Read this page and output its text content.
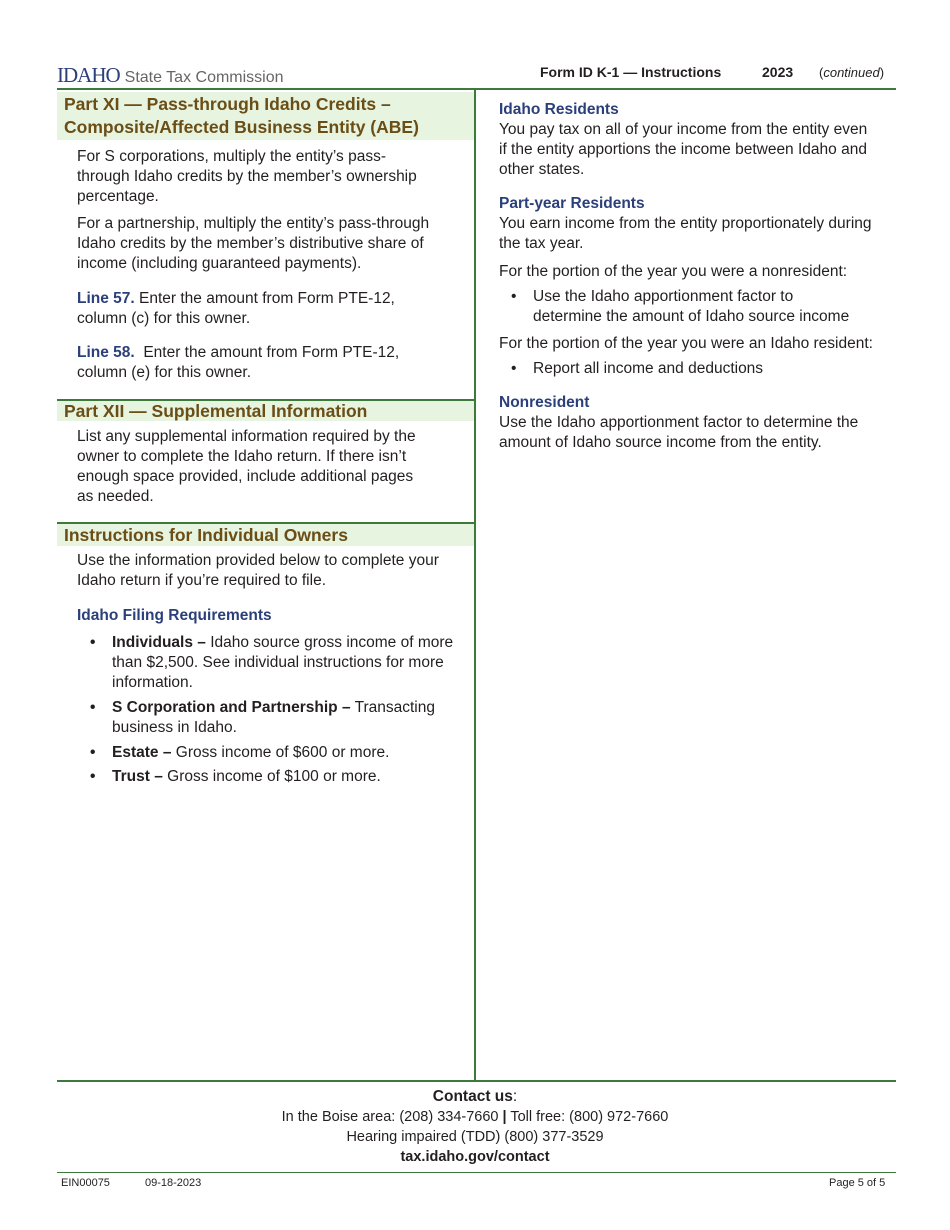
IDAHO State Tax Commission	Form ID K-1 — Instructions	2023 (continued)
Part XI — Pass-through Idaho Credits –
Composite/Affected Business Entity (ABE)
For S corporations, multiply the entity’s pass-
through Idaho credits by the member’s ownership
percentage.
For a partnership, multiply the entity’s pass-through
Idaho credits by the member’s distributive share of
income (including guaranteed payments).
Line 57. Enter the amount from Form PTE-12,
column (c) for this owner.
Line 58.  Enter the amount from Form PTE-12,
column (e) for this owner.
Part XII — Supplemental Information
List any supplemental information required by the
owner to complete the Idaho return. If there isn’t
enough space provided, include additional pages
as needed.
Instructions for Individual Owners
Use the information provided below to complete your
Idaho return if you’re required to file.
Idaho Filing Requirements
• Individuals – Idaho source gross income of more
than $2,500. See individual instructions for more
information.
• S Corporation and Partnership – Transacting
business in Idaho.
• Estate – Gross income of $600 or more.
• Trust – Gross income of $100 or more.
Idaho Residents
You pay tax on all of your income from the entity even
if the entity apportions the income between Idaho and
other states.
Part-year Residents
You earn income from the entity proportionately during
the tax year.
For the portion of the year you were a nonresident:
• Use the Idaho apportionment factor to
determine the amount of Idaho source income
For the portion of the year you were an Idaho resident:
• Report all income and deductions
Nonresident
Use the Idaho apportionment factor to determine the
amount of Idaho source income from the entity.
Contact us:
In the Boise area: (208) 334-7660 | Toll free: (800) 972-7660
Hearing impaired (TDD) (800) 377-3529
tax.idaho.gov/contact
EIN00075	09-18-2023	Page 5 of 5
